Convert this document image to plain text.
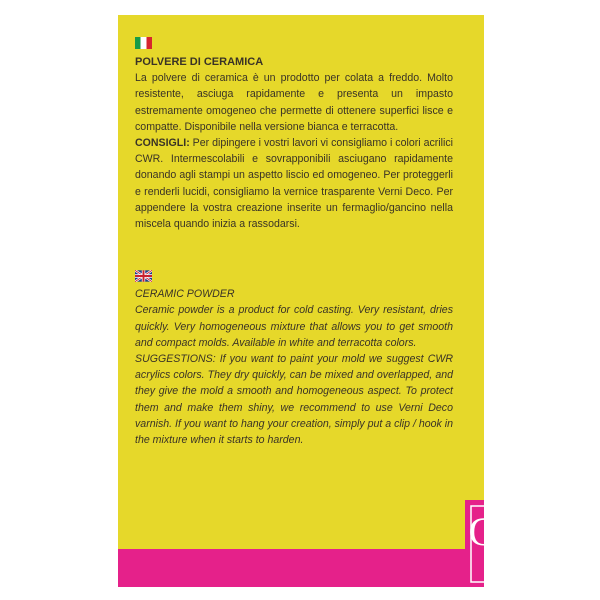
POLVERE DI CERAMICA

La polvere di ceramica è un prodotto per colata a freddo. Molto resistente, asciuga rapidamente e presenta un impasto estremamente omogeneo che permette di ottenere superfici lisce e compatte. Disponibile nella versione bianca e terracotta.

CONSIGLI: Per dipingere i vostri lavori vi consigliamo i colori acrilici CWR. Intermescolabili e sovrapponibili asciugano rapidamente donando agli stampi un aspetto liscio ed omogeneo. Per proteggerli e renderli lucidi, consigliamo la vernice trasparente Verni Deco. Per appendere la vostra creazione inserite un fermaglio/gancino nella miscela quando inizia a rassodarsi.

CERAMIC POWDER

Ceramic powder is a product for cold casting. Very resistant, dries quickly. Very homogeneous mixture that allows you to get smooth and compact molds. Available in white and terracotta colors.

SUGGESTIONS: If you want to paint your mold we suggest CWR acrylics colors. They dry quickly, can be mixed and overlapped, and they give the mold a smooth and homogeneous aspect. To protect them and make them shiny, we recommend to use Verni Deco varnish. If you want to hang your creation, simply put a clip / hook in the mixture when it starts to harden.

CWR
MILANO
